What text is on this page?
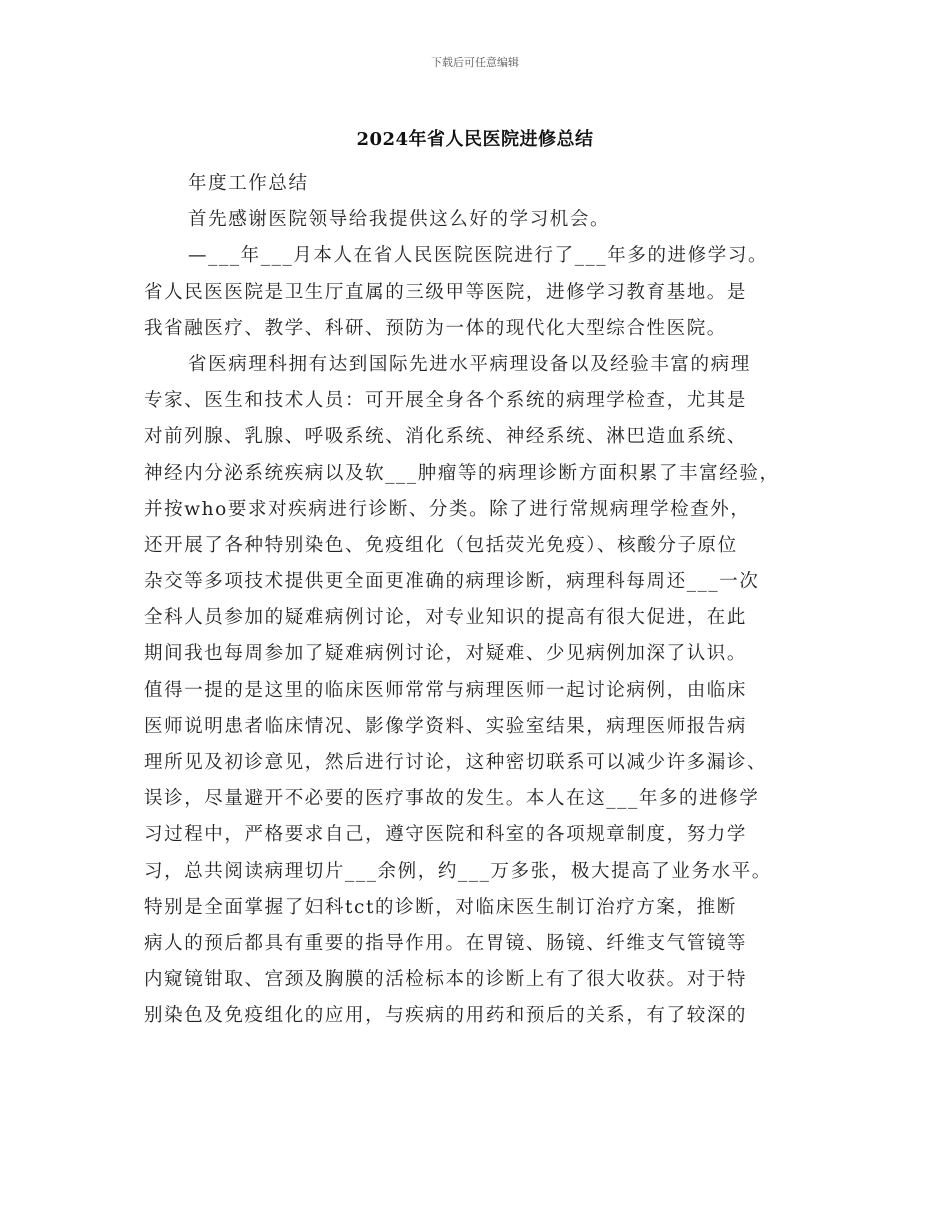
下载后可任意编辑
2024年省人民医院进修总结
年度工作总结
首先感谢医院领导给我提供这么好的学习机会。
—___年___月本人在省人民医院医院进行了___年多的进修学习。
省人民医医院是卫生厅直属的三级甲等医院，进修学习教育基地。是
我省融医疗、教学、科研、预防为一体的现代化大型综合性医院。
省医病理科拥有达到国际先进水平病理设备以及经验丰富的病理
专家、医生和技术人员：可开展全身各个系统的病理学检查，尤其是
对前列腺、乳腺、呼吸系统、消化系统、神经系统、淋巴造血系统、
神经内分泌系统疾病以及软___肿瘤等的病理诊断方面积累了丰富经验，
并按who要求对疾病进行诊断、分类。除了进行常规病理学检查外，
还开展了各种特别染色、免疫组化（包括荧光免疫）、核酸分子原位
杂交等多项技术提供更全面更准确的病理诊断，病理科每周还___一次
全科人员参加的疑难病例讨论，对专业知识的提高有很大促进，在此
期间我也每周参加了疑难病例讨论，对疑难、少见病例加深了认识。
值得一提的是这里的临床医师常常与病理医师一起讨论病例，由临床
医师说明患者临床情况、影像学资料、实验室结果，病理医师报告病
理所见及初诊意见，然后进行讨论，这种密切联系可以减少许多漏诊、
误诊，尽量避开不必要的医疗事故的发生。本人在这___年多的进修学
习过程中，严格要求自己，遵守医院和科室的各项规章制度，努力学
习，总共阅读病理切片___余例，约___万多张，极大提高了业务水平。
特别是全面掌握了妇科tct的诊断，对临床医生制订治疗方案，推断
病人的预后都具有重要的指导作用。在胃镜、肠镜、纤维支气管镜等
内窥镜钳取、宫颈及胸膜的活检标本的诊断上有了很大收获。对于特
别染色及免疫组化的应用，与疾病的用药和预后的关系，有了较深的
